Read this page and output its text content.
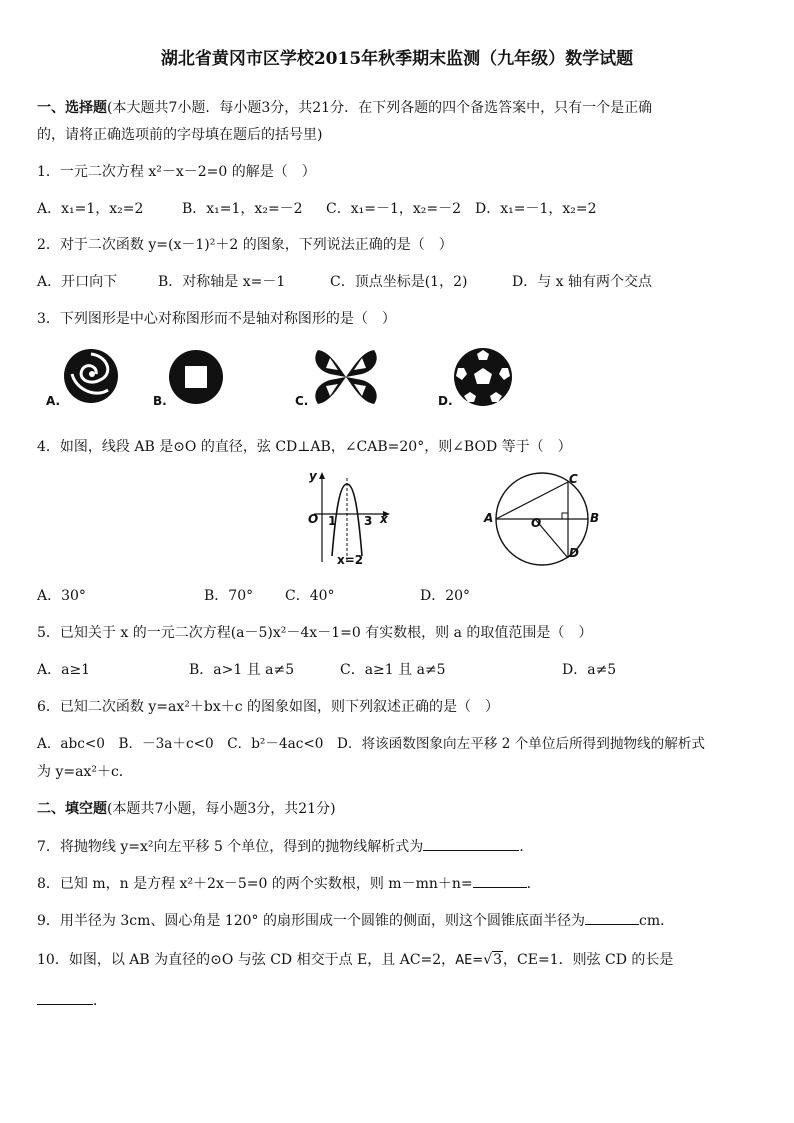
湖北省黄冈市区学校2015年秋季期末监测（九年级）数学试题
一、选择题(本大题共7小题．每小题3分，共21分．在下列各题的四个备选答案中，只有一个是正确
的，请将正确选项前的字母填在题后的括号里)
1．一元二次方程 x²－x－2=0 的解是（　）
A．x₁=1，x₂=2	B．x₁=1，x₂=－2 C．x₁=－1，x₂=－2 D．x₁=－1，x₂=2
2．对于二次函数 y=(x－1)²＋2 的图象，下列说法正确的是（　）
A．开口向下	B．对称轴是 x=－1	C．顶点坐标是(1，2)	D．与 x 轴有两个交点
3．下列图形是中心对称图形而不是轴对称图形的是（　）
A.	B.	C.	D.
4．如图，线段 AB 是⊙O 的直径，弦 CD⊥AB，∠CAB=20°，则∠BOD 等于（　）
y
x
O 1 3
x=2
A	B
C
D
O
A．30°	B．70° C．40°	D．20°
5．已知关于 x 的一元二次方程(a－5)x²－4x－1=0 有实数根，则 a 的取值范围是（　）
A．a≥1	B．a>1 且 a≠5	C．a≥1 且 a≠5	D．a≠5
6．已知二次函数 y=ax²＋bx＋c 的图象如图，则下列叙述正确的是（　）
A．abc<0　B．－3a＋c<0　C．b²－4ac<0　D．将该函数图象向左平移 2 个单位后所得到抛物线的解析式
为 y=ax²＋c．
二、填空题(本题共7小题，每小题3分，共21分)
7．将抛物线 y=x²向左平移 5 个单位，得到的抛物线解析式为	．
8．已知 m，n 是方程 x²＋2x－5=0 的两个实数根，则 m－mn＋n=	．
9．用半径为 3cm、圆心角是 120° 的扇形围成一个圆锥的侧面，则这个圆锥底面半径为	cm．
10．如图，以 AB 为直径的⊙O 与弦 CD 相交于点 E，且 AC=2，AE=√3，CE=1．则弦 CD 的长是
．
